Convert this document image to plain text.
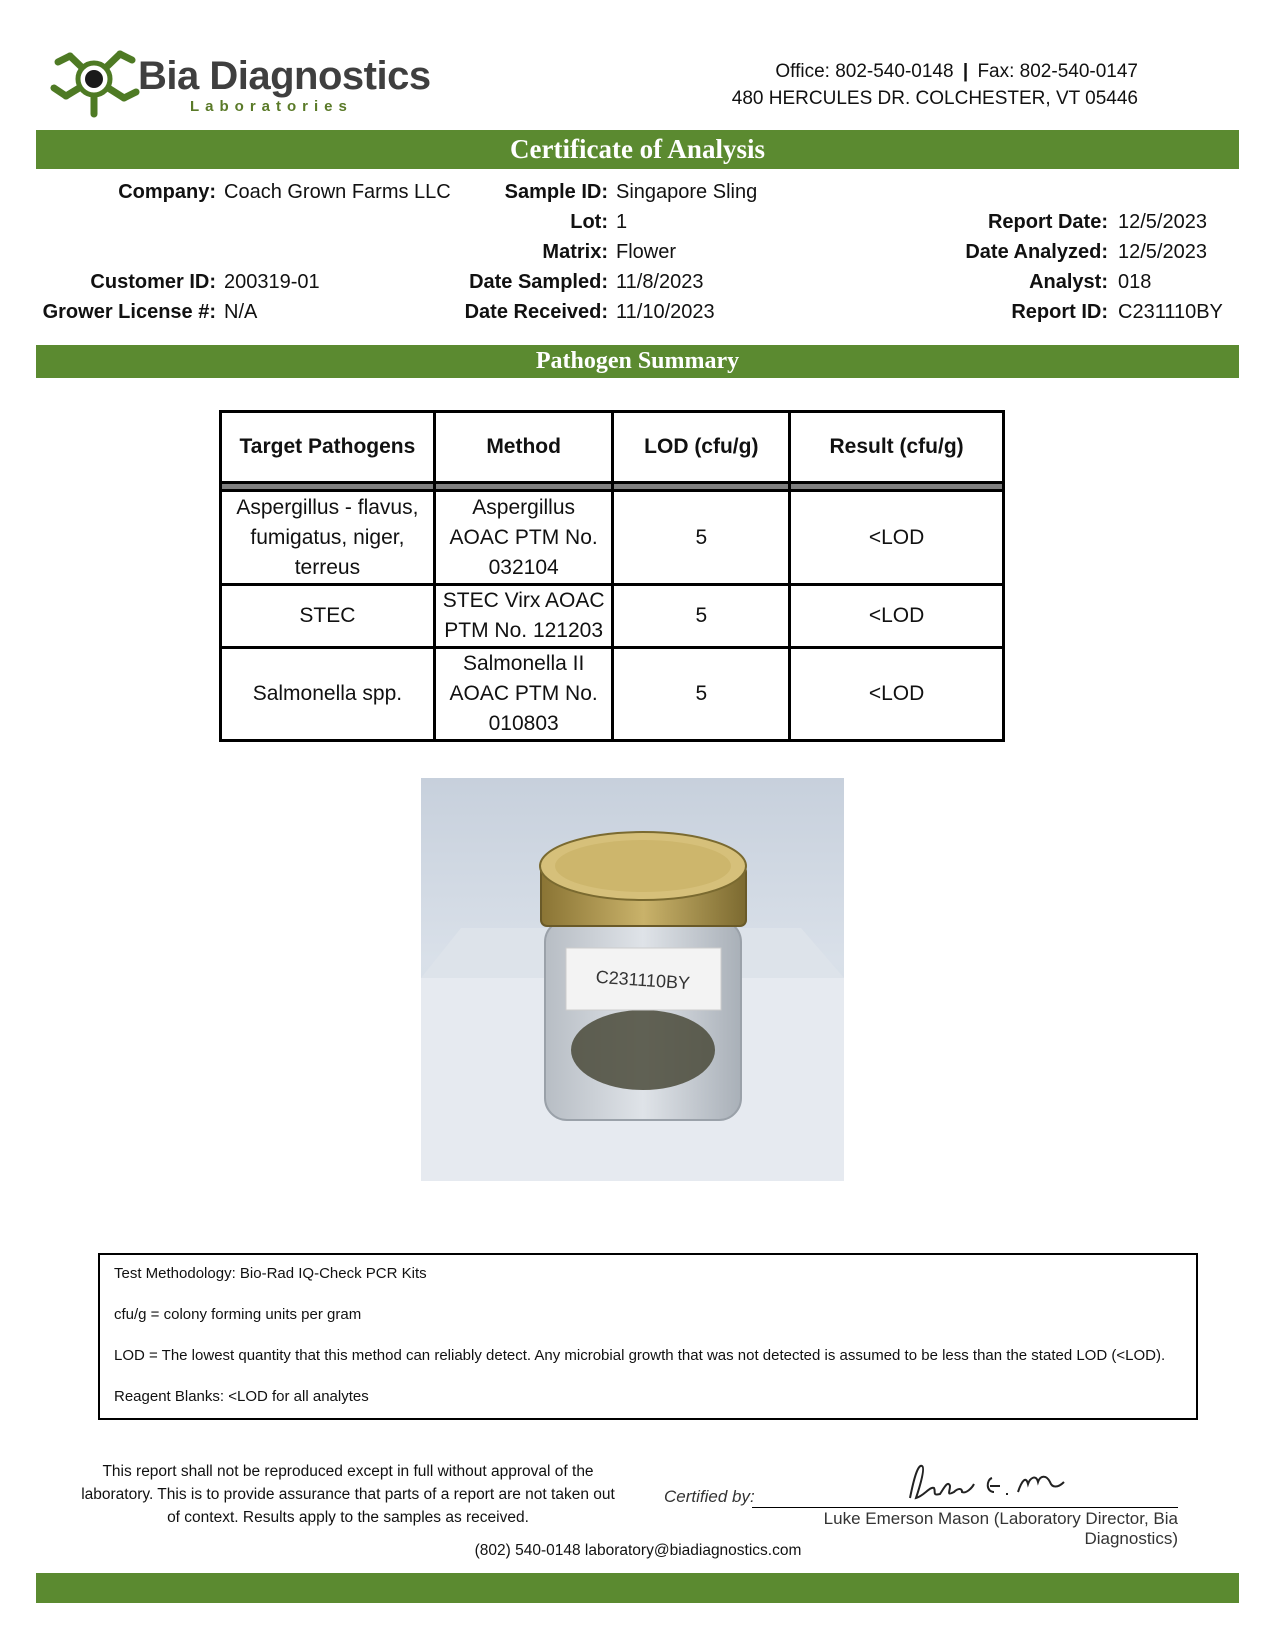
Bia Diagnostics
Laboratories
Office: 802-540-0148 | Fax: 802-540-0147
480 HERCULES DR. COLCHESTER, VT 05446
Certificate of Analysis
Company: Coach Grown Farms LLC
Customer ID: 200319-01
Grower License #: N/A
Sample ID: Singapore Sling
Lot: 1
Matrix: Flower
Date Sampled: 11/8/2023
Date Received: 11/10/2023
Report Date: 12/5/2023
Date Analyzed: 12/5/2023
Analyst: 018
Report ID: C231110BY
Pathogen Summary
Target Pathogens	Method	LOD (cfu/g)	Result (cfu/g)

Aspergillus - flavus, fumigatus, niger, terreus	Aspergillus AOAC PTM No. 032104	5	<LOD
STEC	STEC Virx AOAC PTM No. 121203	5	<LOD
Salmonella spp.	Salmonella II AOAC PTM No. 010803	5	<LOD
C231110BY

Test Methodology: Bio-Rad IQ-Check PCR Kits

cfu/g = colony forming units per gram

LOD = The lowest quantity that this method can reliably detect. Any microbial growth that was not detected is assumed to be less than the stated LOD (<LOD).

Reagent Blanks: <LOD for all analytes

This report shall not be reproduced except in full without approval of the laboratory. This is to provide assurance that parts of a report are not taken out of context. Results apply to the samples as received.
Certified by:
Luke Emerson Mason (Laboratory Director, Bia Diagnostics)
(802) 540-0148 laboratory@biadiagnostics.com
